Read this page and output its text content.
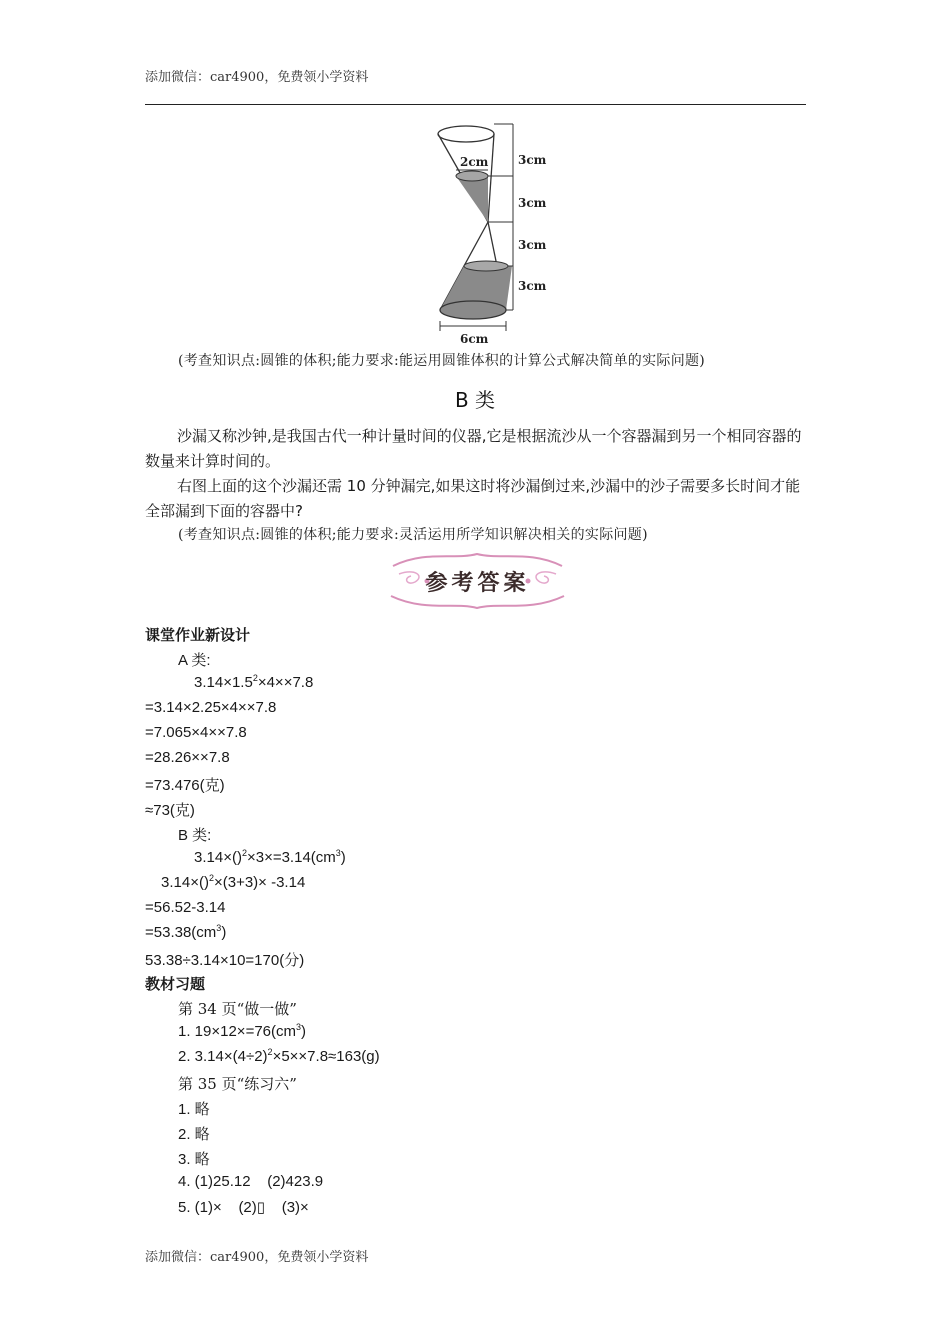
添加微信：car4900，免费领小学资料
2cm 3cm
3cm
3cm
3cm
6cm
(考查知识点:圆锥的体积;能力要求:能运用圆锥体积的计算公式解决简单的实际问题)
B 类

沙漏又称沙钟,是我国古代一种计量时间的仪器,它是根据流沙从一个容器漏到另一个相同容器的数量来计算时间的。

右图上面的这个沙漏还需 10 分钟漏完,如果这时将沙漏倒过来,沙漏中的沙子需要多长时间才能全部漏到下面的容器中?

(考查知识点:圆锥的体积;能力要求:灵活运用所学知识解决相关的实际问题)
参考答案
课堂作业新设计
A 类:
$3.14\times 1.5^2\times 4\times\times 7.8$
=3.14×2.25×4××7.8
=7.065×4××7.8
=28.26××7.8
=73.476(克)
≈73(克)
B 类:
$3.14\times()^2\times 3\times=3.14(cm^3)$
3.14×()$^2$×(3+3)× -3.14
=56.52-3.14
$=53.38(cm^3)$
53.38÷3.14×10=170(分)
教材习题
第 34 页“做一做”
1. $19\times 12\times=76(cm^3)$
2. $3.14\times(4\div 2)^2\times 5\times\times 7.8\approx 163(g)$
第 35 页“练习六”
1. 略
2. 略
3. 略
4. (1)25.12    (2)423.9
5. (1)×    (2)▯    (3)×
添加微信：car4900，免费领小学资料
